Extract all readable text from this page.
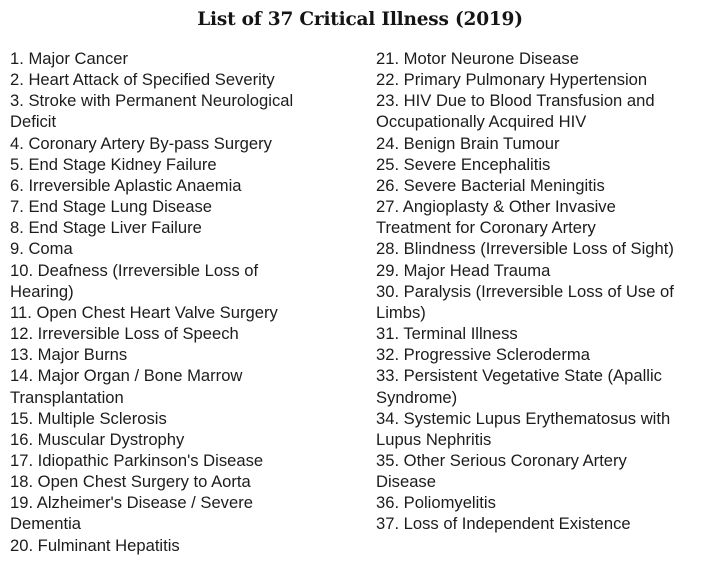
List of 37 Critical Illness (2019)
1. Major Cancer
2. Heart Attack of Specified Severity
3. Stroke with Permanent Neurological
Deficit
4. Coronary Artery By-pass Surgery
5. End Stage Kidney Failure
6. Irreversible Aplastic Anaemia
7. End Stage Lung Disease
8. End Stage Liver Failure
9. Coma
10. Deafness (Irreversible Loss of
Hearing)
11. Open Chest Heart Valve Surgery
12. Irreversible Loss of Speech
13. Major Burns
14. Major Organ / Bone Marrow
Transplantation
15. Multiple Sclerosis
16. Muscular Dystrophy
17. Idiopathic Parkinson's Disease
18. Open Chest Surgery to Aorta
19. Alzheimer's Disease / Severe
Dementia
20. Fulminant Hepatitis
21. Motor Neurone Disease
22. Primary Pulmonary Hypertension
23. HIV Due to Blood Transfusion and
Occupationally Acquired HIV
24. Benign Brain Tumour
25. Severe Encephalitis
26. Severe Bacterial Meningitis
27. Angioplasty & Other Invasive
Treatment for Coronary Artery
28. Blindness (Irreversible Loss of Sight)
29. Major Head Trauma
30. Paralysis (Irreversible Loss of Use of
Limbs)
31. Terminal Illness
32. Progressive Scleroderma
33. Persistent Vegetative State (Apallic
Syndrome)
34. Systemic Lupus Erythematosus with
Lupus Nephritis
35. Other Serious Coronary Artery
Disease
36. Poliomyelitis
37. Loss of Independent Existence
